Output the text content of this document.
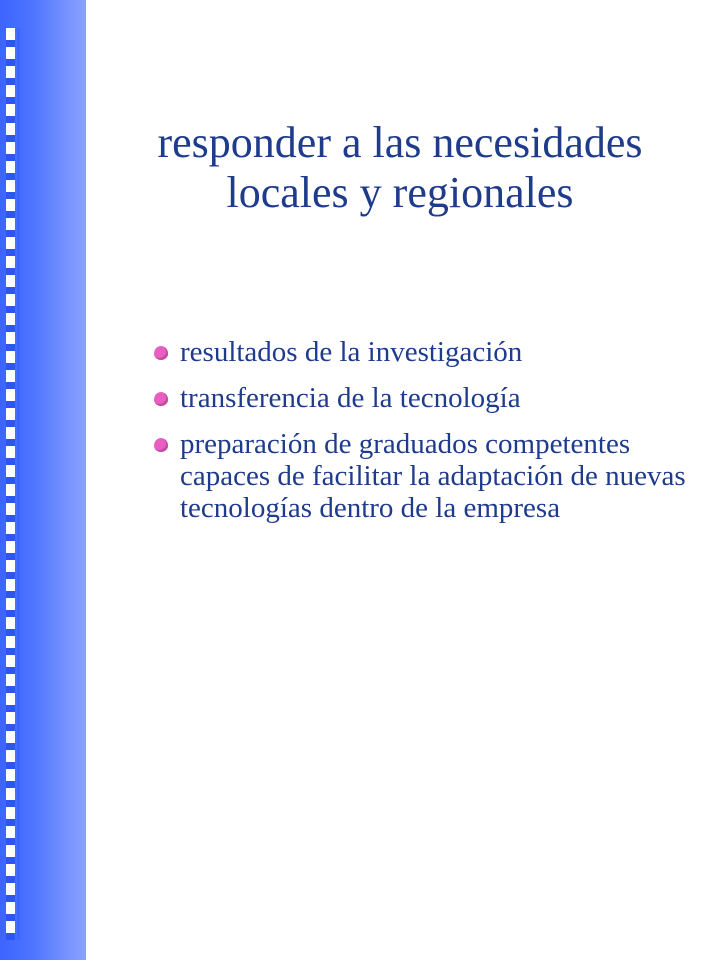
responder a las necesidades
locales y regionales
resultados de la investigación
transferencia de la tecnología
preparación de graduados competentes capaces de facilitar la adaptación de nuevas tecnologías dentro de la empresa
